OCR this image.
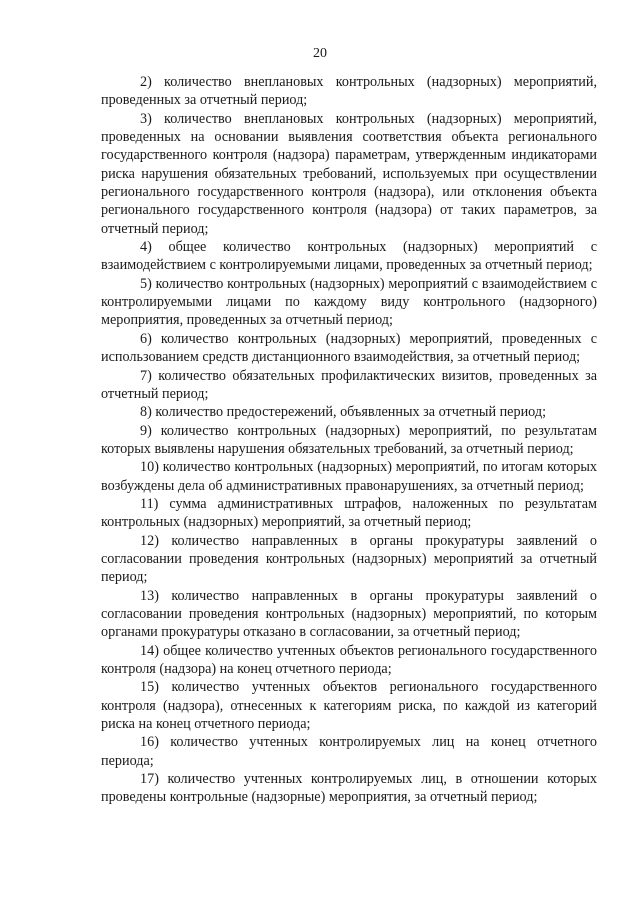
20

2) количество внеплановых контрольных (надзорных) мероприятий, проведенных за отчетный период;

3) количество внеплановых контрольных (надзорных) мероприятий, проведенных на основании выявления соответствия объекта регионального государственного контроля (надзора) параметрам, утвержденным индикаторами риска нарушения обязательных требований, используемых при осуществлении регионального государственного контроля (надзора), или отклонения объекта регионального государственного контроля (надзора) от таких параметров, за отчетный период;

4) общее количество контрольных (надзорных) мероприятий с взаимодействием с контролируемыми лицами, проведенных за отчетный период;

5) количество контрольных (надзорных) мероприятий с взаимодействием с контролируемыми лицами по каждому виду контрольного (надзорного) мероприятия, проведенных за отчетный период;

6) количество контрольных (надзорных) мероприятий, проведенных с использованием средств дистанционного взаимодействия, за отчетный период;

7) количество обязательных профилактических визитов, проведенных за отчетный период;

8) количество предостережений, объявленных за отчетный период;

9) количество контрольных (надзорных) мероприятий, по результатам которых выявлены нарушения обязательных требований, за отчетный период;

10) количество контрольных (надзорных) мероприятий, по итогам которых возбуждены дела об административных правонарушениях, за отчетный период;

11) сумма административных штрафов, наложенных по результатам контрольных (надзорных) мероприятий, за отчетный период;

12) количество направленных в органы прокуратуры заявлений о согласовании проведения контрольных (надзорных) мероприятий за отчетный период;

13) количество направленных в органы прокуратуры заявлений о согласовании проведения контрольных (надзорных) мероприятий, по которым органами прокуратуры отказано в согласовании, за отчетный период;

14) общее количество учтенных объектов регионального государственного контроля (надзора) на конец отчетного периода;

15) количество учтенных объектов регионального государственного контроля (надзора), отнесенных к категориям риска, по каждой из категорий риска на конец отчетного периода;

16) количество учтенных контролируемых лиц на конец отчетного периода;

17) количество учтенных контролируемых лиц, в отношении которых проведены контрольные (надзорные) мероприятия, за отчетный период;
